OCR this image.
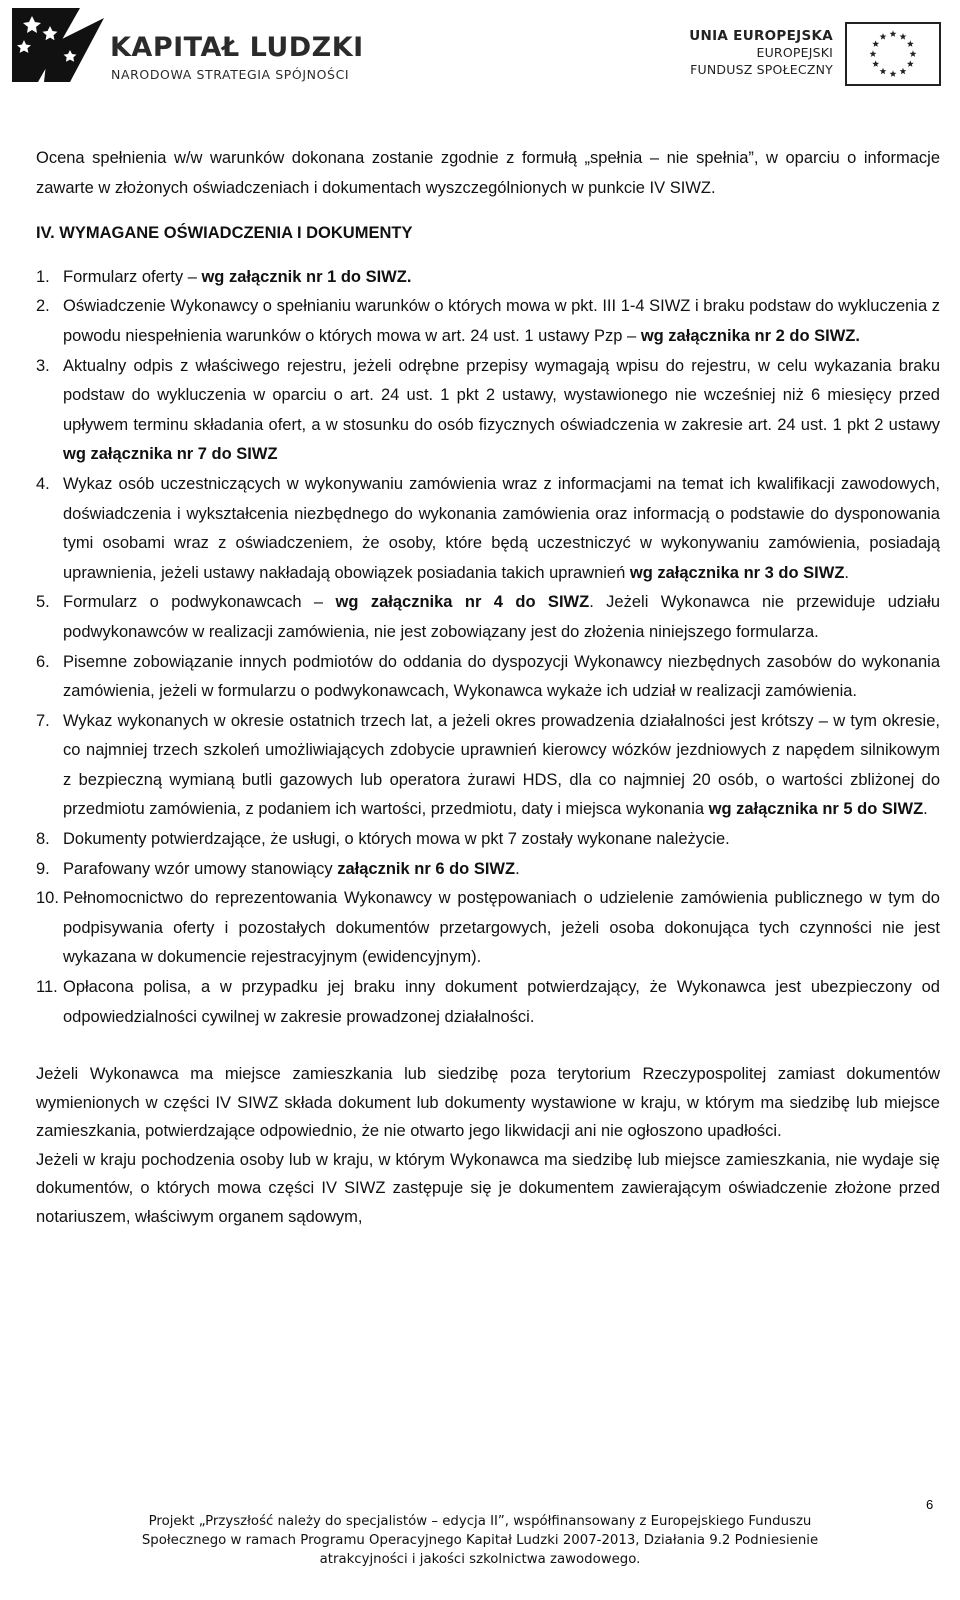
KAPITAŁ LUDZKI
NARODOWA STRATEGIA SPÓJNOŚCI
UNIA EUROPEJSKA
EUROPEJSKI
FUNDUSZ SPOŁECZNY

Ocena spełnienia w/w warunków dokonana zostanie zgodnie z formułą „spełnia – nie spełnia”, w oparciu o informacje zawarte w złożonych oświadczeniach i dokumentach wyszczególnionych w punkcie IV SIWZ.

IV. WYMAGANE OŚWIADCZENIA I DOKUMENTY

1. Formularz oferty – wg załącznik nr 1 do SIWZ.
2. Oświadczenie Wykonawcy o spełnianiu warunków o których mowa w pkt. III 1-4 SIWZ i braku podstaw do wykluczenia z powodu niespełnienia warunków o których mowa w art. 24 ust. 1 ustawy Pzp – wg załącznika nr 2 do SIWZ.
3. Aktualny odpis z właściwego rejestru, jeżeli odrębne przepisy wymagają wpisu do rejestru, w celu wykazania braku podstaw do wykluczenia w oparciu o art. 24 ust. 1 pkt 2 ustawy, wystawionego nie wcześniej niż 6 miesięcy przed upływem terminu składania ofert, a w stosunku do osób fizycznych oświadczenia w zakresie art. 24 ust. 1 pkt 2 ustawy wg załącznika nr 7 do SIWZ
4. Wykaz osób uczestniczących w wykonywaniu zamówienia wraz z informacjami na temat ich kwalifikacji zawodowych, doświadczenia i wykształcenia niezbędnego do wykonania zamówienia oraz informacją o podstawie do dysponowania tymi osobami wraz z oświadczeniem, że osoby, które będą uczestniczyć w wykonywaniu zamówienia, posiadają uprawnienia, jeżeli ustawy nakładają obowiązek posiadania takich uprawnień wg załącznika nr 3 do SIWZ.
5. Formularz o podwykonawcach – wg załącznika nr 4 do SIWZ. Jeżeli Wykonawca nie przewiduje udziału podwykonawców w realizacji zamówienia, nie jest zobowiązany jest do złożenia niniejszego formularza.
6. Pisemne zobowiązanie innych podmiotów do oddania do dyspozycji Wykonawcy niezbędnych zasobów do wykonania zamówienia, jeżeli w formularzu o podwykonawcach, Wykonawca wykaże ich udział w realizacji zamówienia.
7. Wykaz wykonanych w okresie ostatnich trzech lat, a jeżeli okres prowadzenia działalności jest krótszy – w tym okresie, co najmniej trzech szkoleń umożliwiających zdobycie uprawnień kierowcy wózków jezdniowych z napędem silnikowym z bezpieczną wymianą butli gazowych lub operatora żurawi HDS, dla co najmniej 20 osób, o wartości zbliżonej do przedmiotu zamówienia, z podaniem ich wartości, przedmiotu, daty i miejsca wykonania wg załącznika nr 5 do SIWZ.
8. Dokumenty potwierdzające, że usługi, o których mowa w pkt 7 zostały wykonane należycie.
9. Parafowany wzór umowy stanowiący załącznik nr 6 do SIWZ.
10. Pełnomocnictwo do reprezentowania Wykonawcy w postępowaniach o udzielenie zamówienia publicznego w tym do podpisywania oferty i pozostałych dokumentów przetargowych, jeżeli osoba dokonująca tych czynności nie jest wykazana w dokumencie rejestracyjnym (ewidencyjnym).
11. Opłacona polisa, a w przypadku jej braku inny dokument potwierdzający, że Wykonawca jest ubezpieczony od odpowiedzialności cywilnej w zakresie prowadzonej działalności.

Jeżeli Wykonawca ma miejsce zamieszkania lub siedzibę poza terytorium Rzeczypospolitej zamiast dokumentów wymienionych w części IV SIWZ składa dokument lub dokumenty wystawione w kraju, w którym ma siedzibę lub miejsce zamieszkania, potwierdzające odpowiednio, że nie otwarto jego likwidacji ani nie ogłoszono upadłości.

Jeżeli w kraju pochodzenia osoby lub w kraju, w którym Wykonawca ma siedzibę lub miejsce zamieszkania, nie wydaje się dokumentów, o których mowa części IV SIWZ zastępuje się je dokumentem zawierającym oświadczenie złożone przed notariuszem, właściwym organem sądowym,

6
Projekt „Przyszłość należy do specjalistów – edycja II”, współfinansowany z Europejskiego Funduszu
Społecznego w ramach Programu Operacyjnego Kapitał Ludzki 2007-2013, Działania 9.2 Podniesienie
atrakcyjności i jakości szkolnictwa zawodowego.
